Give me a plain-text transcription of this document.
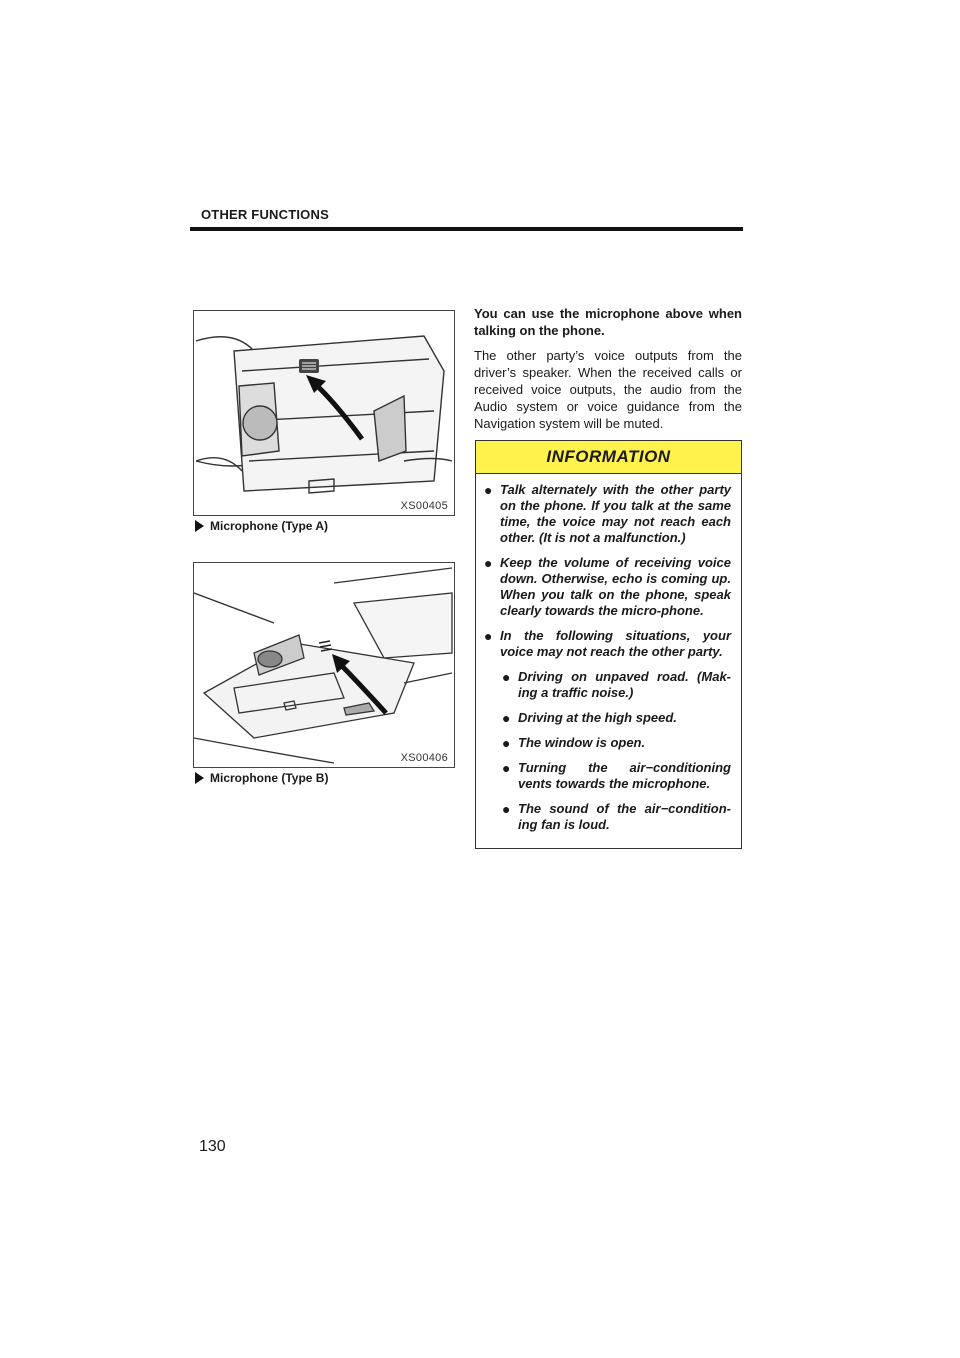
OTHER FUNCTIONS
XS00405
Microphone (Type A)
XS00406
Microphone (Type B)

You can use the microphone above when talking on the phone.

The other party’s voice outputs from the driver’s speaker. When the received calls or received voice outputs, the audio from the Audio system or voice guidance from the Navigation system will be muted.

INFORMATION
● Talk alternately with the other party on the phone. If you talk at the same time, the voice may not reach each other. (It is not a malfunction.)
● Keep the volume of receiving voice down. Otherwise, echo is coming up. When you talk on the phone, speak clearly towards the micro-phone.
● In the following situations, your voice may not reach the other party.
● Driving on unpaved road. (Mak-ing a traffic noise.)
● Driving at the high speed.
● The window is open.
● Turning the air−conditioning vents towards the microphone.
● The sound of the air−condition-ing fan is loud.
130
